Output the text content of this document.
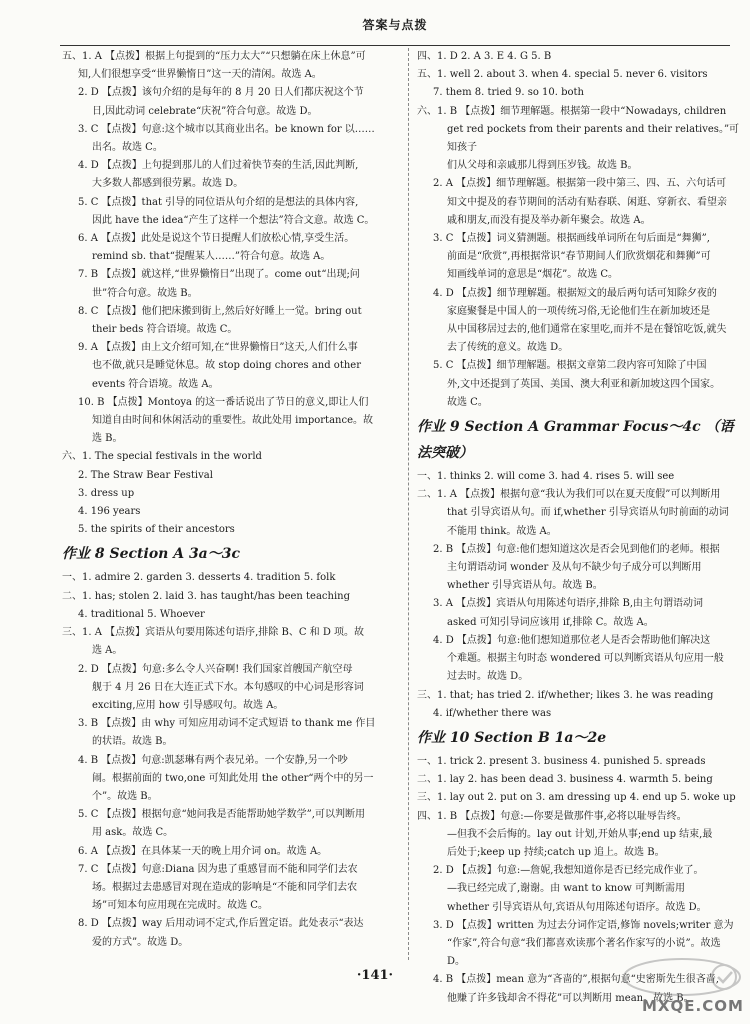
答案与点拨
五、1. A 【点拨】根据上句提到的“压力太大”“只想躺在床上休息”可
知,人们很想享受“世界懒惰日”这一天的清闲。故选 A。
2. D 【点拨】该句介绍的是每年的 8 月 20 日人们都庆祝这个节
日,因此动词 celebrate“庆祝”符合句意。故选 D。
3. C 【点拨】句意:这个城市以其商业出名。be known for 以……
出名。故选 C。
4. D 【点拨】上句提到那儿的人们过着快节奏的生活,因此判断,
大多数人都感到很劳累。故选 D。
5. C 【点拨】that 引导的同位语从句介绍的是想法的具体内容,
因此 have the idea“产生了这样一个想法”符合文意。故选 C。
6. A 【点拨】此处是说这个节日提醒人们放松心情,享受生活。
remind sb. that“提醒某人……”符合句意。故选 A。
7. B 【点拨】就这样,“世界懒惰日”出现了。come out“出现;问
世”符合句意。故选 B。
8. C 【点拨】他们把床搬到街上,然后好好睡上一觉。bring out
their beds 符合语境。故选 C。
9. A 【点拨】由上文介绍可知,在“世界懒惰日”这天,人们什么事
也不做,就只是睡觉休息。故 stop doing chores and other
events 符合语境。故选 A。
10. B 【点拨】Montoya 的这一番话说出了节日的意义,即让人们
知道自由时间和休闲活动的重要性。故此处用 importance。故
选 B。
六、1. The special festivals in the world
2. The Straw Bear Festival
3. dress up
4. 196 years
5. the spirits of their ancestors
作业 8 Section A 3a～3c
一、1. admire 2. garden 3. desserts 4. tradition 5. folk
二、1. has; stolen 2. laid 3. has taught/has been teaching
4. traditional 5. Whoever
三、1. A 【点拨】宾语从句要用陈述句语序,排除 B、C 和 D 项。故
选 A。
2. D 【点拨】句意:多么令人兴奋啊! 我们国家首艘国产航空母
舰于 4 月 26 日在大连正式下水。本句感叹的中心词是形容词
exciting,应用 how 引导感叹句。故选 A。
3. B 【点拨】由 why 可知应用动词不定式短语 to thank me 作目
的状语。故选 B。
4. B 【点拨】句意:凯瑟琳有两个表兄弟。一个安静,另一个吵
闹。根据前面的 two,one 可知此处用 the other“两个中的另一
个”。故选 B。
5. C 【点拨】根据句意“她问我是否能帮助她学数学”,可以判断用
用 ask。故选 C。
6. A 【点拨】在具体某一天的晚上用介词 on。故选 A。
7. C 【点拨】句意:Diana 因为患了重感冒而不能和同学们去农
场。根据过去患感冒对现在造成的影响是“不能和同学们去农
场”可知本句应用现在完成时。故选 C。
8. D 【点拨】way 后用动词不定式,作后置定语。此处表示“表达
爱的方式”。故选 D。
四、1. D 2. A 3. E 4. G 5. B
五、1. well 2. about 3. when 4. special 5. never 6. visitors
7. them 8. tried 9. so 10. both
六、1. B 【点拨】细节理解题。根据第一段中“Nowadays, children
get red pockets from their parents and their relatives。”可知孩子
们从父母和亲戚那儿得到压岁钱。故选 B。
2. A 【点拨】细节理解题。根据第一段中第三、四、五、六句话可
知文中提及的春节期间的活动有贴春联、闲逛、穿新衣、看望亲
戚和朋友,而没有提及举办新年聚会。故选 A。
3. C 【点拨】词义猜测题。根据画线单词所在句后面是“舞狮”,
前面是“欣赏”,再根据常识“春节期间人们欣赏烟花和舞狮”可
知画线单词的意思是“烟花”。故选 C。
4. D 【点拨】细节理解题。根据短文的最后两句话可知除夕夜的
家庭聚餐是中国人的一项传统习俗,无论他们生在新加坡还是
从中国移居过去的,他们通常在家里吃,而并不是在餐馆吃饭,就失
去了传统的意义。故选 D。
5. C 【点拨】细节理解题。根据文章第二段内容可知除了中国
外,文中还提到了英国、美国、澳大利亚和新加坡这四个国家。
故选 C。
作业 9 Section A Grammar Focus～4c （语法突破）
一、1. thinks 2. will come 3. had 4. rises 5. will see
二、1. A 【点拨】根据句意“我认为我们可以在夏天度假”可以判断用
that 引导宾语从句。而 if,whether 引导宾语从句时前面的动词
不能用 think。故选 A。
2. B 【点拨】句意:他们想知道这次是否会见到他们的老师。根据
主句谓语动词 wonder 及从句不缺少句子成分可以判断用
whether 引导宾语从句。故选 B。
3. A 【点拨】宾语从句用陈述句语序,排除 B,由主句谓语动词
asked 可知引导词应该用 if,排除 C。故选 A。
4. D 【点拨】句意:他们想知道那位老人是否会帮助他们解决这
个难题。根据主句时态 wondered 可以判断宾语从句应用一般
过去时。故选 D。
三、1. that; has tried 2. if/whether; likes 3. he was reading
4. if/whether there was
作业 10 Section B 1a～2e
一、1. trick 2. present 3. business 4. punished 5. spreads
二、1. lay 2. has been dead 3. business 4. warmth 5. being
三、1. lay out 2. put on 3. am dressing up 4. end up 5. woke up
四、1. B 【点拨】句意:—你要是做那件事,必将以耻辱告终。
—但我不会后悔的。lay out 计划,开始从事;end up 结束,最
后处于;keep up 持续;catch up 追上。故选 B。
2. D 【点拨】句意:—詹妮,我想知道你是否已经完成作业了。
—我已经完成了,谢谢。由 want to know 可判断需用
whether 引导宾语从句,宾语从句用陈述句语序。故选 D。
3. D 【点拨】written 为过去分词作定语,修饰 novels;writer 意为
“作家”,符合句意“我们都喜欢读那个著名作家写的小说”。故选
D。
4. B 【点拨】mean 意为“吝啬的”,根据句意“史密斯先生很吝啬,
他赚了许多钱却舍不得花”可以判断用 mean。故选 B。
MXQE.COM
·141·
